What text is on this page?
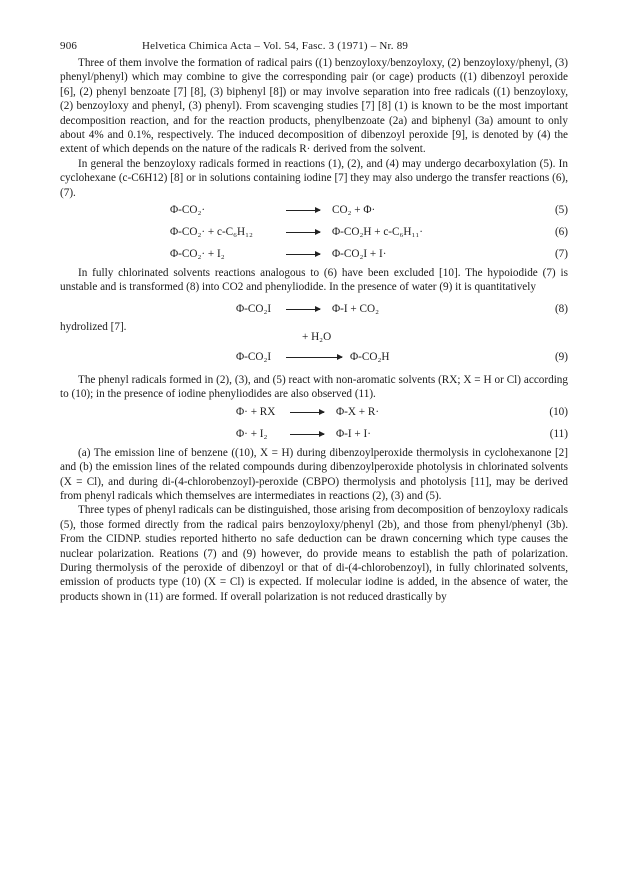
906	Helvetica Chimica Acta – Vol. 54, Fasc. 3 (1971) – Nr. 89

Three of them involve the formation of radical pairs ((1) benzoyloxy/benzoyloxy, (2) benzoyloxy/phenyl, (3) phenyl/phenyl) which may combine to give the corresponding pair (or cage) products ((1) dibenzoyl peroxide [6], (2) phenyl benzoate [7] [8], (3) biphenyl [8]) or may involve separation into free radicals ((1) benzoyloxy, (2) benzoyloxy and phenyl, (3) phenyl). From scavenging studies [7] [8] (1) is known to be the most important decomposition reaction, and for the reaction products, phenylbenzoate (2a) and biphenyl (3a) amount to only about 4% and 0.1%, respectively. The induced decomposition of dibenzoyl peroxide [9], is denoted by (4) the extent of which depends on the nature of the radicals R· derived from the solvent.

In general the benzoyloxy radicals formed in reactions (1), (2), and (4) may undergo decarboxylation (5). In cyclohexane (c-C6H12) [8] or in solutions containing iodine [7] they may also undergo the transfer reactions (6), (7).

Φ-CO₂·	→ CO₂ + Φ·	(5)
Φ-CO₂· + c-C₆H₁₂	→ Φ-CO₂H + c-C₆H₁₁·	(6)
Φ-CO₂· + I₂	→ Φ-CO₂I + I·	(7)

In fully chlorinated solvents reactions analogous to (6) have been excluded [10]. The hypoiodide (7) is unstable and is transformed (8) into CO2 and phenyliodide. In the presence of water (9) it is quantitatively

Φ-CO₂I → Φ-I + CO₂	(8)
hydrolized [7].
+ H₂O
Φ-CO₂I	Φ-CO₂H	(9)

The phenyl radicals formed in (2), (3), and (5) react with non-aromatic solvents (RX; X = H or Cl) according to (10); in the presence of iodine phenyliodides are also observed (11).

Φ· + RX → Φ-X + R·	(10)
Φ· + I₂ → Φ-I + I·	(11)

(a) The emission line of benzene ((10), X = H) during dibenzoylperoxide thermolysis in cyclohexanone [2] and (b) the emission lines of the related compounds during dibenzoylperoxide photolysis in chlorinated solvents (X = Cl), and during di-(4-chlorobenzoyl)-peroxide (CBPO) thermolysis and photolysis [11], may be derived from phenyl radicals which themselves are intermediates in reactions (2), (3) and (5).

Three types of phenyl radicals can be distinguished, those arising from decomposition of benzoyloxy radicals (5), those formed directly from the radical pairs benzoyloxy/phenyl (2b), and those from phenyl/phenyl (3b). From the CIDNP. studies reported hitherto no safe deduction can be drawn concerning which type causes the nuclear polarization. Reations (7) and (9) however, do provide means to establish the path of polarization. During thermolysis of the peroxide of dibenzoyl or that of di-(4-chlorobenzoyl), in fully chlorinated solvents, emission of products type (10) (X = Cl) is expected. If molecular iodine is added, in the absence of water, the products shown in (11) are formed. If overall polarization is not reduced drastically by
